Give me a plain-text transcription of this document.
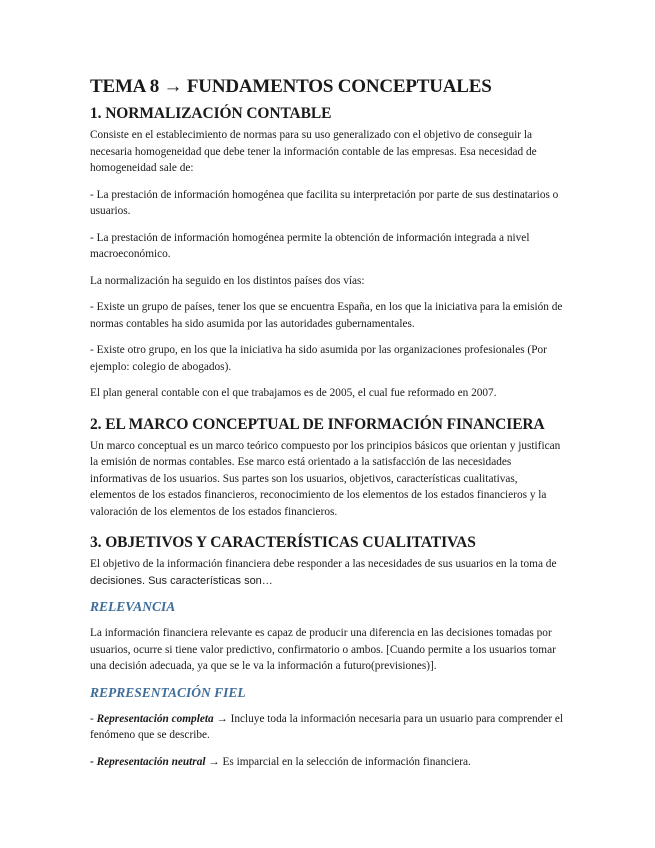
TEMA 8 → FUNDAMENTOS CONCEPTUALES
1. NORMALIZACIÓN CONTABLE

Consiste en el establecimiento de normas para su uso generalizado con el objetivo de conseguir la necesaria homogeneidad que debe tener la información contable de las empresas. Esa necesidad de homogeneidad sale de:

- La prestación de información homogénea que facilita su interpretación por parte de sus destinatarios o usuarios.

- La prestación de información homogénea permite la obtención de información integrada a nivel macroeconómico.

La normalización ha seguido en los distintos países dos vías:

- Existe un grupo de países, tener los que se encuentra España, en los que la iniciativa para la emisión de normas contables ha sido asumida por las autoridades gubernamentales.

- Existe otro grupo, en los que la iniciativa ha sido asumida por las organizaciones profesionales (Por ejemplo: colegio de abogados).

El plan general contable con el que trabajamos es de 2005, el cual fue reformado en 2007.

2. EL MARCO CONCEPTUAL DE INFORMACIÓN FINANCIERA

Un marco conceptual es un marco teórico compuesto por los principios básicos que orientan y justifican la emisión de normas contables. Ese marco está orientado a la satisfacción de las necesidades informativas de los usuarios. Sus partes son los usuarios, objetivos, características cualitativas, elementos de los estados financieros, reconocimiento de los elementos de los estados financieros y la valoración de los elementos de los estados financieros.

3. OBJETIVOS Y CARACTERÍSTICAS CUALITATIVAS

El objetivo de la información financiera debe responder a las necesidades de sus usuarios en la toma de decisiones. Sus características son…

RELEVANCIA

La información financiera relevante es capaz de producir una diferencia en las decisiones tomadas por usuarios, ocurre si tiene valor predictivo, confirmatorio o ambos. [Cuando permite a los usuarios tomar una decisión adecuada, ya que se le va la información a futuro(previsiones)].

REPRESENTACIÓN FIEL

- Representación completa → Incluye toda la información necesaria para un usuario para comprender el fenómeno que se describe.

- Representación neutral → Es imparcial en la selección de información financiera.
